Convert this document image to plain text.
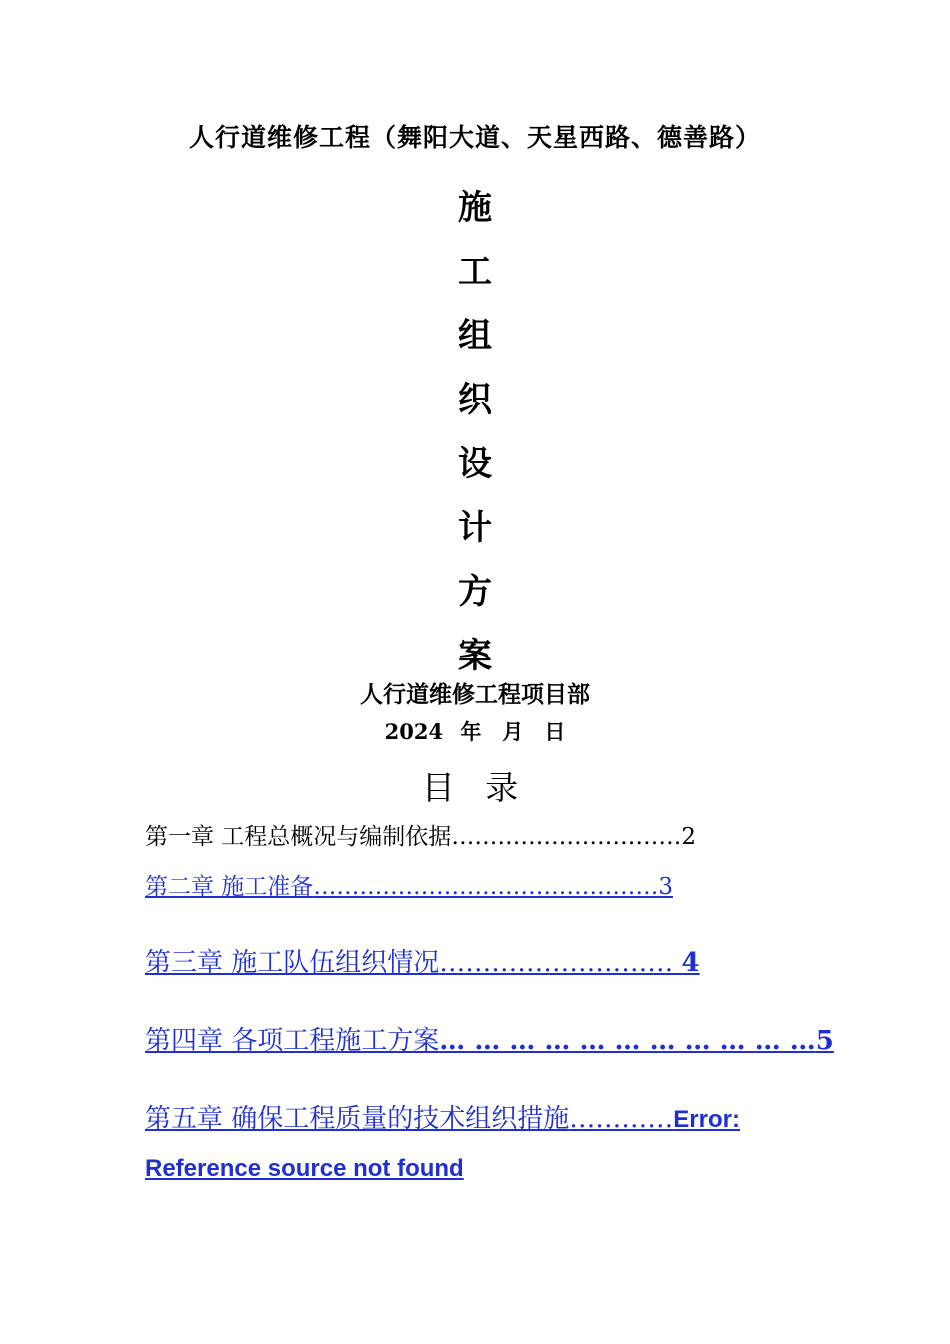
人行道维修工程（舞阳大道、天星西路、德善路）
施
工
组
织
设
计
方
案
人行道维修工程项目部
2024 年　月　日
目 录
第一章 工程总概况与编制依据…………………………2
第二章 施工准备………………………………………3
第三章 施工队伍组织情况……………………… 4
第四章 各项工程施工方案… … … … … … … … … … …5
第五章 确保工程质量的技术组织措施…………Error: Reference source not found
